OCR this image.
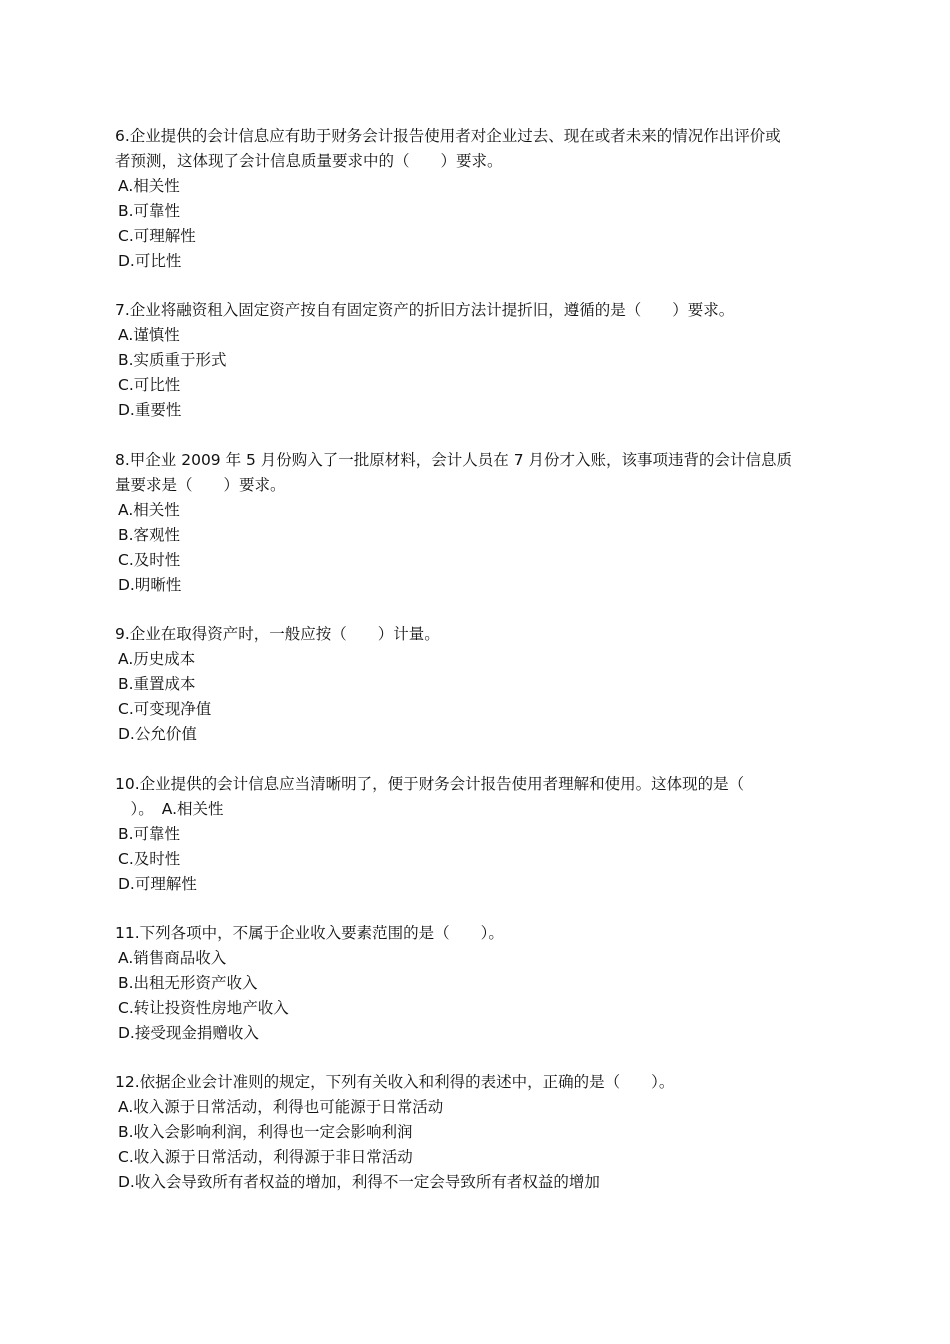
6.企业提供的会计信息应有助于财务会计报告使用者对企业过去、现在或者未来的情况作出评价或
者预测，这体现了会计信息质量要求中的（　　）要求。
A.相关性
B.可靠性
C.可理解性
D.可比性
7.企业将融资租入固定资产按自有固定资产的折旧方法计提折旧，遵循的是（　　）要求。
A.谨慎性
B.实质重于形式
C.可比性
D.重要性
8.甲企业 2009 年 5 月份购入了一批原材料，会计人员在 7 月份才入账，该事项违背的会计信息质
量要求是（　　）要求。
A.相关性
B.客观性
C.及时性
D.明晰性
9.企业在取得资产时，一般应按（　　）计量。
A.历史成本
B.重置成本
C.可变现净值
D.公允价值
10.企业提供的会计信息应当清晰明了，便于财务会计报告使用者理解和使用。这体现的是（
　）。 A.相关性
B.可靠性
C.及时性
D.可理解性
11.下列各项中，不属于企业收入要素范围的是（　　）。
A.销售商品收入
B.出租无形资产收入
C.转让投资性房地产收入
D.接受现金捐赠收入
12.依据企业会计准则的规定，下列有关收入和利得的表述中，正确的是（　　）。
A.收入源于日常活动，利得也可能源于日常活动
B.收入会影响利润，利得也一定会影响利润
C.收入源于日常活动，利得源于非日常活动
D.收入会导致所有者权益的增加，利得不一定会导致所有者权益的增加
